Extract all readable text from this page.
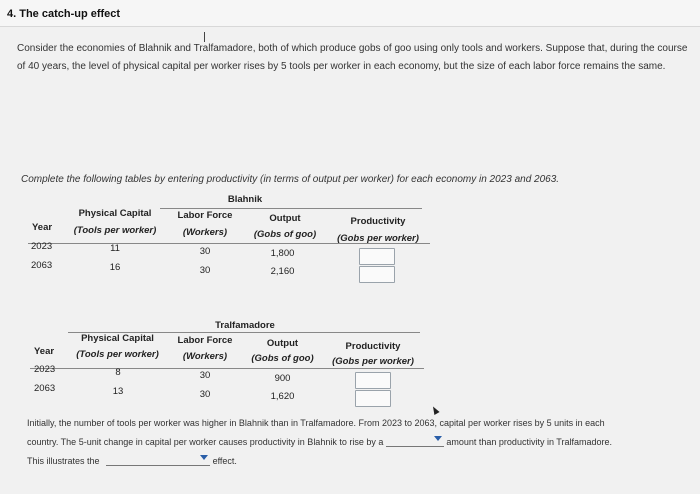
4. The catch-up effect
Consider the economies of Blahnik and Tralfamadore, both of which produce gobs of goo using only tools and workers. Suppose that, during the course of 40 years, the level of physical capital per worker rises by 5 tools per worker in each economy, but the size of each labor force remains the same.
Complete the following tables by entering productivity (in terms of output per worker) for each economy in 2023 and 2063.
Blahnik
Physical Capital
(Tools per worker)
Labor Force
(Workers)
Output
(Gobs of goo)
Productivity
(Gobs per worker)
Year
2023	11	30	1,800
2063	16	30	2,160
Tralfamadore
Physical Capital
(Tools per worker)
Labor Force
(Workers)
Output
(Gobs of goo)
Productivity
(Gobs per worker)
Year
2023	8	30	900
2063	13	30	1,620
Initially, the number of tools per worker was higher in Blahnik than in Tralfamadore. From 2023 to 2063, capital per worker rises by 5 units in each
country. The 5-unit change in capital per worker causes productivity in Blahnik to rise by a	amount than productivity in Tralfamadore.
This illustrates the	effect.
